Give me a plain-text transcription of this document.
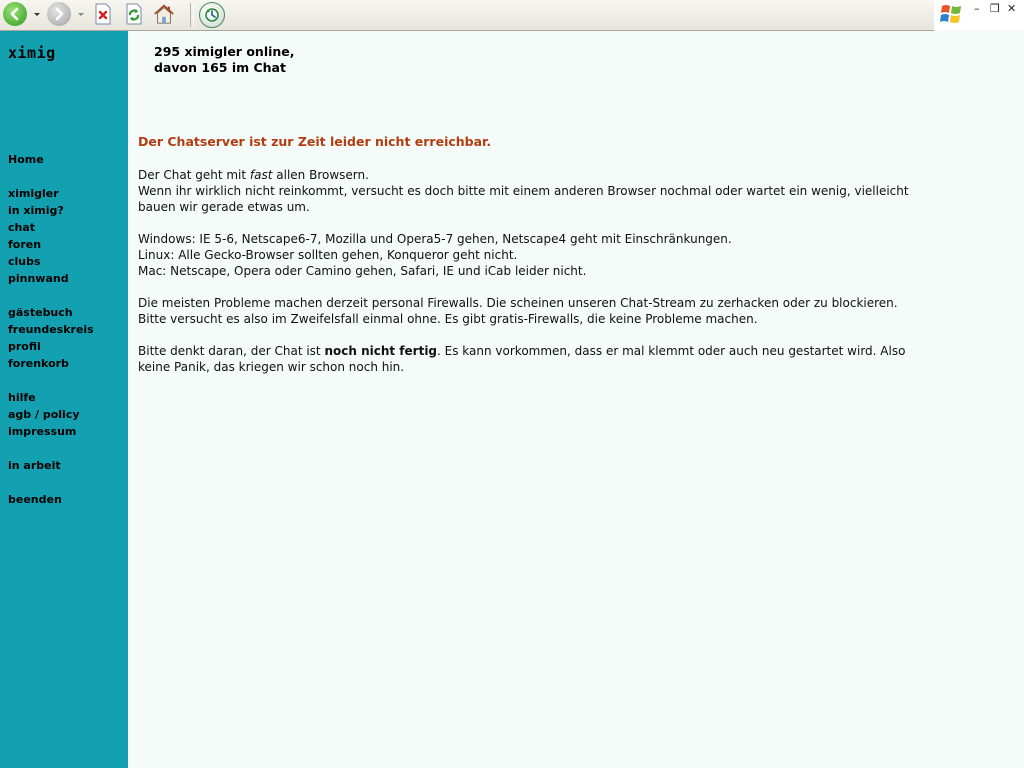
– ❐ ✕
ximig
Home
ximigler
in ximig?
chat
foren
clubs
pinnwand
gästebuch
freundeskreis
profil
forenkorb
hilfe
agb / policy
impressum
in arbeit
beenden
295 ximigler online,
davon 165 im Chat
Der Chatserver ist zur Zeit leider nicht erreichbar.
Der Chat geht mit fast allen Browsern.
Wenn ihr wirklich nicht reinkommt, versucht es doch bitte mit einem anderen Browser nochmal oder wartet ein wenig, vielleicht
bauen wir gerade etwas um.
Windows: IE 5-6, Netscape6-7, Mozilla und Opera5-7 gehen, Netscape4 geht mit Einschränkungen.
Linux: Alle Gecko-Browser sollten gehen, Konqueror geht nicht.
Mac: Netscape, Opera oder Camino gehen, Safari, IE und iCab leider nicht.
Die meisten Probleme machen derzeit personal Firewalls. Die scheinen unseren Chat-Stream zu zerhacken oder zu blockieren.
Bitte versucht es also im Zweifelsfall einmal ohne. Es gibt gratis-Firewalls, die keine Probleme machen.
Bitte denkt daran, der Chat ist noch nicht fertig. Es kann vorkommen, dass er mal klemmt oder auch neu gestartet wird. Also
keine Panik, das kriegen wir schon noch hin.
